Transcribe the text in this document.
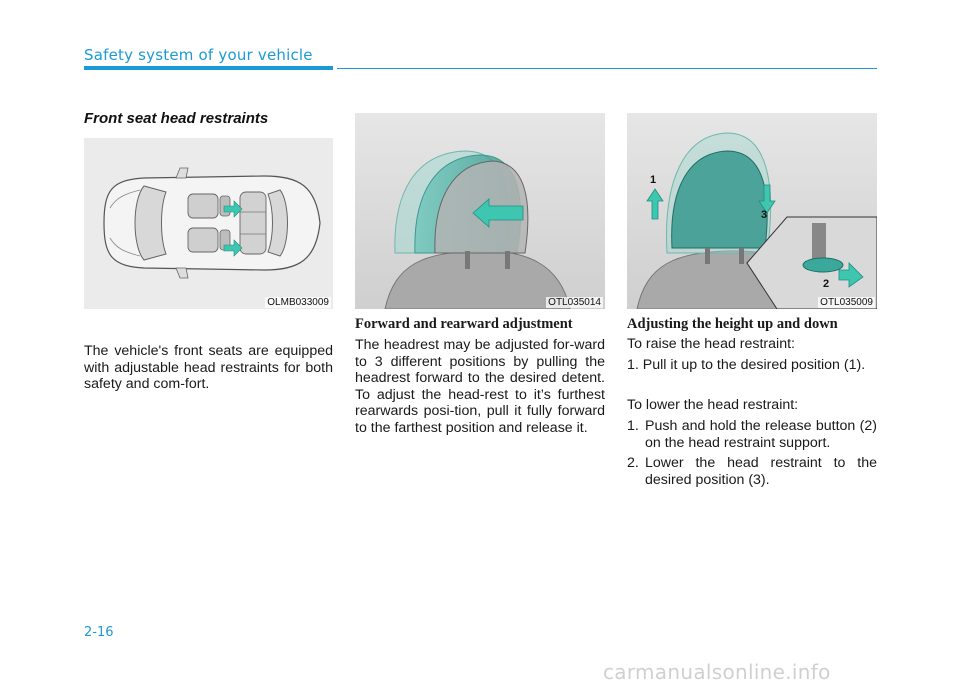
Safety system of your vehicle
Front seat head restraints
OLMB033009
The vehicle's front seats are equipped with adjustable head restraints for both safety and com-fort.
OTL035014
Forward and rearward adjustment
The headrest may be adjusted for-ward to 3 different positions by pulling the headrest forward to the desired detent. To adjust the head-rest to it’s furthest rearwards posi-tion, pull it fully forward to the farthest position and release it.
1
2
3
OTL035009
Adjusting the height up and down
To raise the head restraint:
1. Pull it up to the desired position (1).
To lower the head restraint:
1. Push and hold the release button (2) on the head restraint support.
2. Lower the head restraint to the desired position (3).
2-16
carmanualsonline.info
